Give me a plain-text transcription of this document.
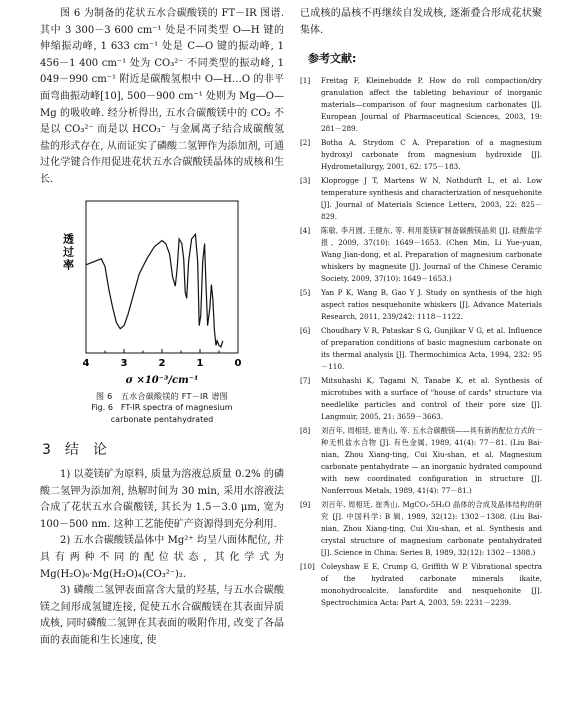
图 6 为制备的花状五水合碳酸镁的 FT－IR 图谱. 其中 3 300－3 600 cm⁻¹ 处是不同类型 O—H 键的伸缩振动峰, 1 633 cm⁻¹ 处是 C—O 键的振动峰, 1 456－1 400 cm⁻¹ 处为 CO₃²⁻ 不同类型的振动峰, 1 049－990 cm⁻¹ 附近是碳酸氢根中 O—H…O 的非平面弯曲振动峰[10], 500－900 cm⁻¹ 处则为 Mg—O—Mg 的吸收峰. 经分析得出, 五水合碳酸镁中的 CO₂ 不是以 CO₃²⁻ 而是以 HCO₃⁻ 与金属离子结合成碳酸氢盐的形式存在, 从而证实了磷酸二氢钾作为添加剂, 可通过化学键合作用促进花状五水合碳酸镁晶体的成核和生长.

透过率
4	3	2	1	0
σ ×10⁻³/cm⁻¹
图 6　五水合碳酸镁的 FT－IR 谱图
Fig. 6　FT-IR spectra of magnesium
carbonate pentahydrated
3　结　论

1) 以菱镁矿为原料, 质量为溶液总质量 0.2% 的磷酸二氢钾为添加剂, 热解时间为 30 min, 采用水溶液法合成了花状五水合碳酸镁, 其长为 1.5－3.0 μm, 宽为 100－500 nm. 这种工艺能使矿产资源得到充分利用.

2) 五水合碳酸镁晶体中 Mg²⁺ 均呈八面体配位, 并具有两种不同的配位状态, 其化学式为 Mg(H₂O)₆·Mg(H₂O)₄(CO₃²⁻)₂.

3) 磷酸二氢钾表面富含大量的羟基, 与五水合碳酸镁之间形成氢键连接, 促使五水合碳酸镁在其表面异质成核, 同时磷酸二氢钾在其表面的吸附作用, 改变了各晶面的表面能和生长速度, 使

已成核的晶核不再继续自发成核, 逐渐叠合形成花状聚集体.

参考文献:
[1]	Freitag F, Kleinebudde P. How do roll compaction/dry granulation affect the tableting behaviour of inorganic materials—comparison of four magnesium carbonates [J]. European Journal of Pharmaceutical Sciences, 2003, 19: 281－289.
[2]	Botha A, Strydom C A. Preparation of a magnesium hydroxyl carbonate from magnesium hydroxide [J]. Hydrometallurgy, 2001, 62: 175－183.
[3]	Kloprogge J T, Martens W N, Nothdurft L, et al. Low temperature synthesis and characterization of nesquehonite [J]. Journal of Materials Science Letters, 2003, 22: 825－829.
[4]	陈敏, 李月圆, 王健东, 等. 利用菱镁矿制备碳酸镁晶须 [J]. 硅酸盐学报, 2009, 37(10): 1649－1653. (Chen Min, Li Yue-yuan, Wang Jian-dong, et al. Preparation of magnesium carbonate whiskers by magnesite [J]. Journal of the Chinese Ceramic Society, 2009, 37(10): 1649－1653.)
[5]	Yan P K, Wang B, Gao Y J. Study on synthesis of the high aspect ratios nesquehonite whiskers [J]. Advance Materials Research, 2011, 239/242: 1118－1122.
[6]	Choudhary V R, Pataskar S G, Gunjikar V G, et al. Influence of preparation conditions of basic magnesium carbonate on its thermal analysis [J]. Thermochimica Acta, 1994, 232: 95－110.
[7]	Mitsuhashi K, Tagami N, Tanabe K, et al. Synthesis of microtubes with a surface of "house of cards" structure via needlelike particles and control of their pore size [J]. Langmuir, 2005, 21: 3659－3663.
[8]	刘百年, 周相廷, 崔秀山, 等. 五水合碳酸镁——具有新的配位方式的一种无机盐水合物 [J]. 有色金属, 1989, 41(4): 77－81. (Liu Bai-nian, Zhou Xiang-ting, Cui Xiu-shan, et al. Magnesium carbonate pentahydrate — an inorganic hydrated compound with new coordinated configuration in structure [J]. Nonferrous Metals, 1989, 41(4): 77－81.)
[9]	刘百年, 周相廷, 崔秀山. MgCO₃·5H₂O 晶体的合成及晶体结构的研究 [J]. 中国科学: B 辑, 1989, 32(12): 1302－1308. (Liu Bai-nian, Zhou Xiang-ting, Cui Xiu-shan, et al. Synthesis and crystal structure of magnesium carbonate pentahydrated [J]. Science in China: Series B, 1989, 32(12): 1302－1308.)
[10] Coleyshaw E E, Crump G, Griffith W P. Vibrational spectra of the hydrated carbonate minerals ikaite, monohydrocalcite, lansfordite and nesquehonite [J]. Spectrochimica Acta: Part A, 2003, 59: 2231－2239.
